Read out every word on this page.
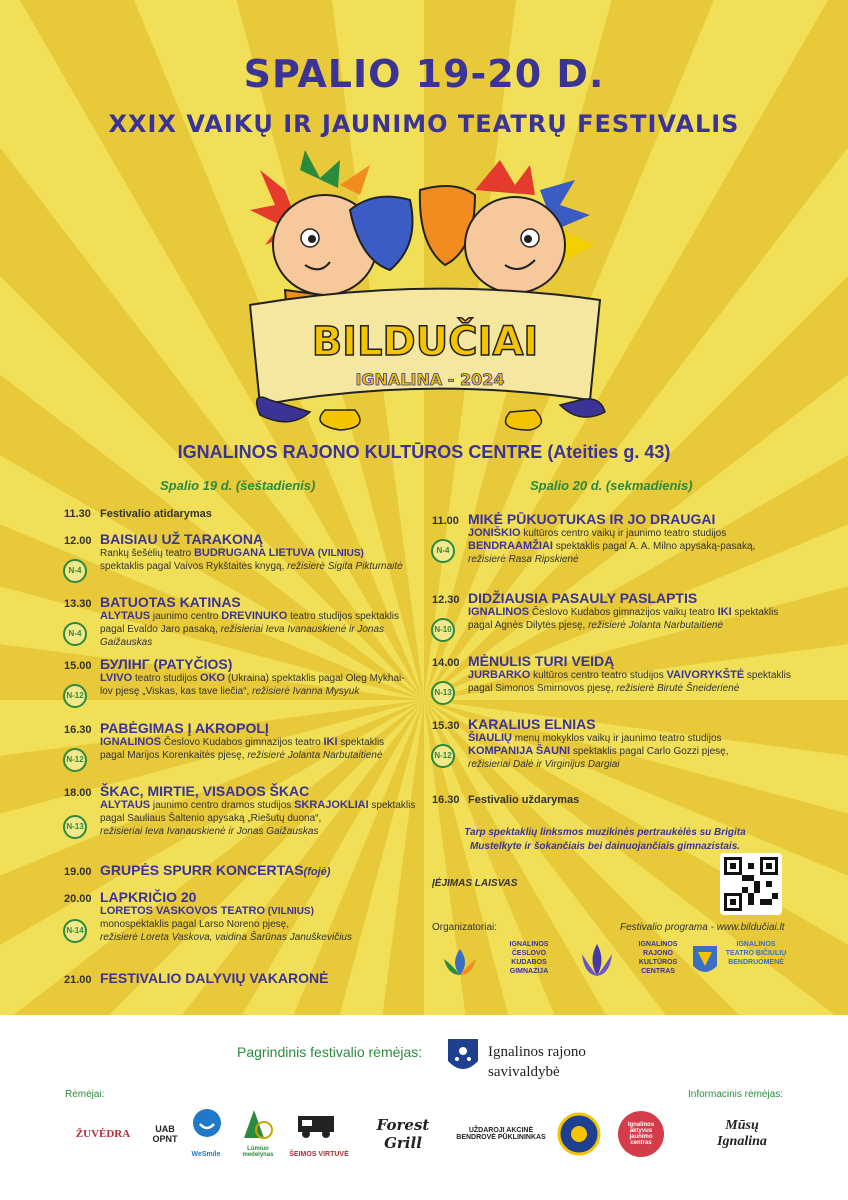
SPALIO 19-20 D.
XXIX VAIKŲ IR JAUNIMO TEATRŲ FESTIVALIS
BILDUČIAI
IGNALINA - 2024
IGNALINOS RAJONO KULTŪROS CENTRE (Ateities g. 43)
Spalio 19 d. (šeštadienis)	Spalio 20 d. (sekmadienis)
11.30 Festivalio atidarymas
12.00 BAISIAU UŽ TARAKONĄ
N-4
Rankų šešėlių teatro BUDRUGANA LIETUVA (VILNIUS)
spektaklis pagal Vaivos Rykštaitės knygą, režisierė Sigita Pikturnaitė
13.30 BATUOTAS KATINAS
N-4
ALYTAUS jaunimo centro DREVINUKO teatro studijos spektaklis
pagal Evaldo Jaro pasaką, režisieriai Ieva Ivanauskienė ir Jonas Gaižauskas
15.00 БУЛІНГ (PATYČIOS)
N-12
LVIVO teatro studijos OKO (Ukraina) spektaklis pagal Oleg Mykhai-
lov pjesę „Viskas, kas tave liečia“, režisierė Ivanna Mysyuk
16.30 PABĖGIMAS Į AKROPOLĮ
N-12
IGNALINOS Česlovo Kudabos gimnazijos teatro IKI spektaklis
pagal Marijos Korenkaitės pjesę, režisierė Jolanta Narbutaitienė
18.00 ŠKAC, MIRTIE, VISADOS ŠKAC
N-13
ALYTAUS jaunimo centro dramos studijos SKRAJOKLIAI spektaklis
pagal Sauliaus Šaltenio apysaką „Riešutų duona“,
režisieriai Ieva Ivanauskienė ir Jonas Gaižauskas
19.00 GRUPĖS SPURR KONCERTAS (fojė)
20.00 LAPKRIČIO 20
N-14
LORETOS VASKOVOS TEATRO (VILNIUS)
monospektaklis pagal Larso Noreno pjesę,
režisierė Loreta Vaskova, vaidina Šarūnas Januškevičius
21.00 FESTIVALIO DALYVIŲ VAKARONĖ
11.00 MIKĖ PŪKUOTUKAS IR JO DRAUGAI
N-4
JONIŠKIO kultūros centro vaikų ir jaunimo teatro studijos
BENDRAAMŽIAI spektaklis pagal A. A. Milno apysaką-pasaką,
režisierė Rasa Ripskienė
12.30 DIDŽIAUSIA PASAULY PASLAPTIS
N-10
IGNALINOS Česlovo Kudabos gimnazijos vaikų teatro IKI spektaklis
pagal Agnės Dilytės pjesę, režisierė Jolanta Narbutaitienė
14.00 MĖNULIS TURI VEIDĄ
N-13
JURBARKO kultūros centro teatro studijos VAIVORYKŠTĖ spektaklis
pagal Simonos Smirnovos pjesę, režisierė Birutė Šneiderienė
15.30 KARALIUS ELNIAS
N-12
ŠIAULIŲ menų mokyklos vaikų ir jaunimo teatro studijos
KOMPANIJA ŠAUNI spektaklis pagal Carlo Gozzi pjesę,
režisieriai Dalė ir Virginijus Dargiai
16.30 Festivalio uždarymas
Tarp spektaklių linksmos muzikinės pertraukėlės su Brigita Mustelkyte ir šokančiais bei dainuojančiais gimnazistais.
ĮĖJIMAS LAISVAS
Organizatoriai:	Festivalio programa - www.bildučiai.lt
IGNALINOS ČESLOVO KUDABOS GIMNAZIJA
IGNALINOS RAJONO KULTŪROS CENTRAS
IGNALINOS TEATRO BIČIULIŲ BENDRUOMENĖ
Pagrindinis festivalio rėmėjas:	Ignalinos rajono savivaldybė
Rėmėjai:	Informacinis rėmėjas:
ŽUVĖDRA	UAB OPNT
WeSmile
Lūmiuo medelynas	ŠEIMOS VIRTUVĖ
Forest Grill
UŽDAROJI AKCINĖ BENDROVĖ PŪKLININKAS
Ignalinos aktyvus jaunimo centras
Mūsų Ignalina
